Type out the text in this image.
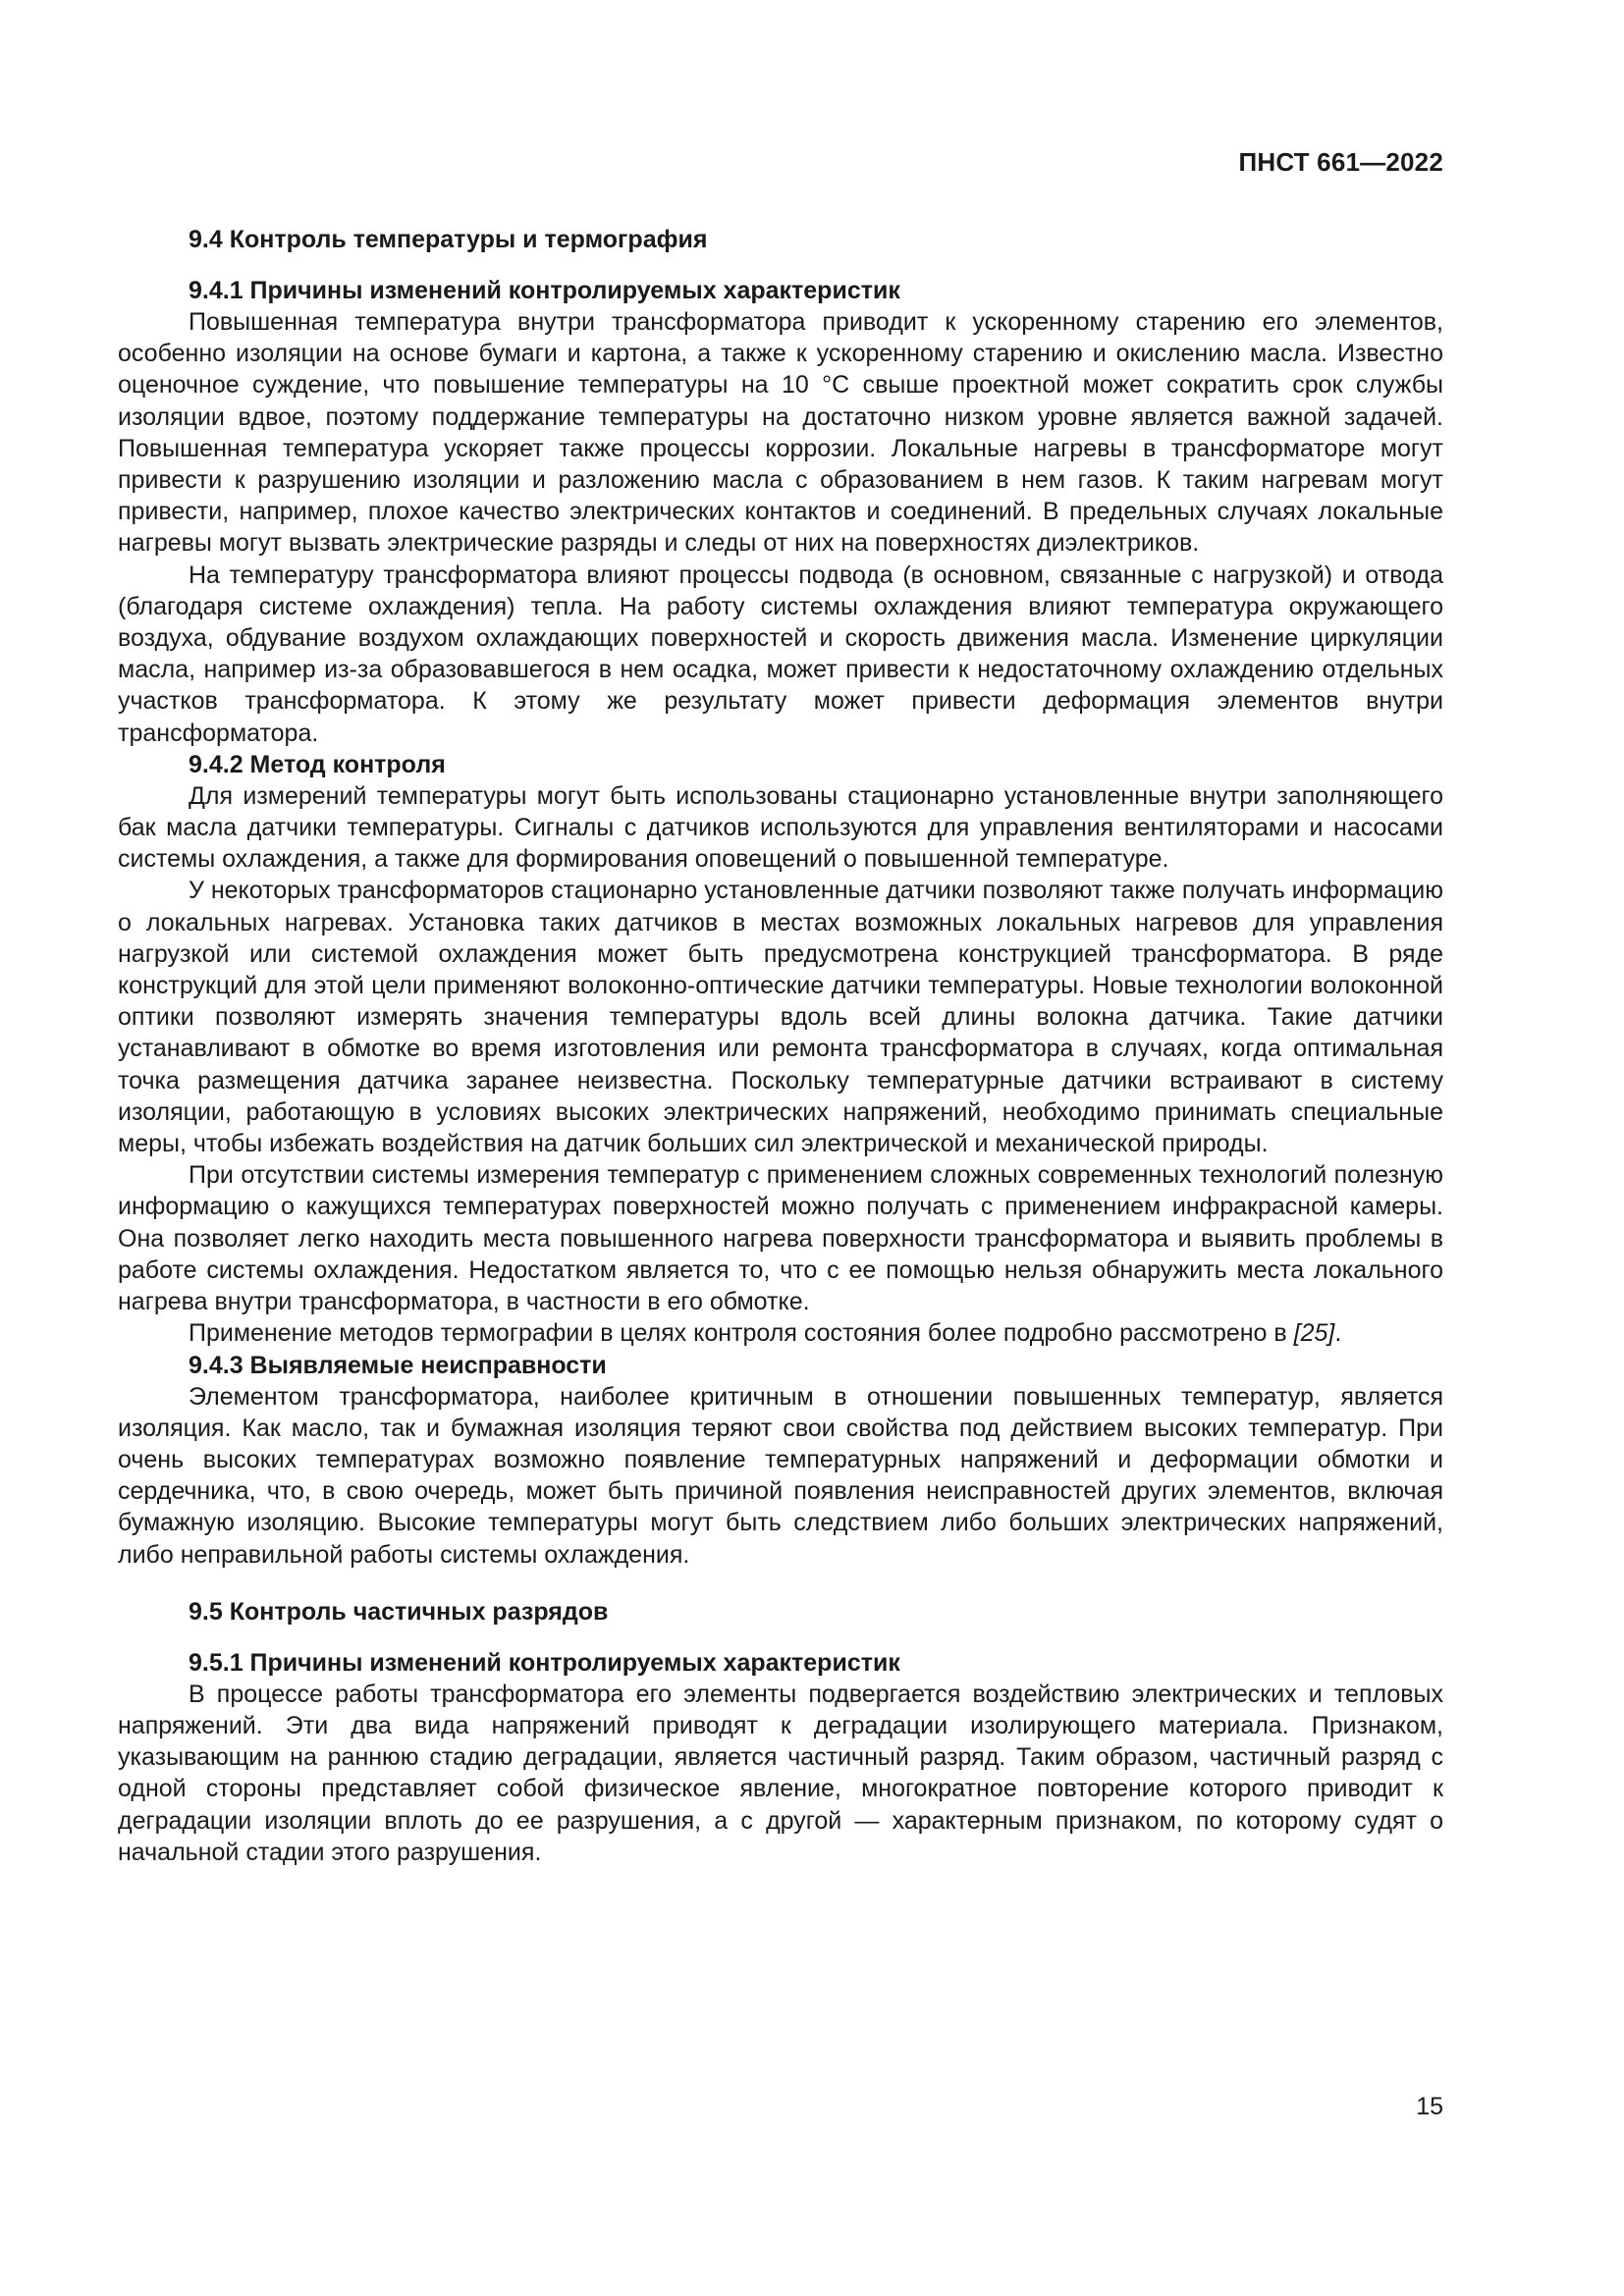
ПНСТ 661—2022
9.4 Контроль температуры и термография
9.4.1 Причины изменений контролируемых характеристик

Повышенная температура внутри трансформатора приводит к ускоренному старению его элементов, особенно изоляции на основе бумаги и картона, а также к ускоренному старению и окислению масла. Известно оценочное суждение, что повышение температуры на 10 °С свыше проектной может сократить срок службы изоляции вдвое, поэтому поддержание температуры на достаточно низком уровне является важной задачей. Повышенная температура ускоряет также процессы коррозии. Локальные нагревы в трансформаторе могут привести к разрушению изоляции и разложению масла с образованием в нем газов. К таким нагревам могут привести, например, плохое качество электрических контактов и соединений. В предельных случаях локальные нагревы могут вызвать электрические разряды и следы от них на поверхностях диэлектриков.

На температуру трансформатора влияют процессы подвода (в основном, связанные с нагрузкой) и отвода (благодаря системе охлаждения) тепла. На работу системы охлаждения влияют температура окружающего воздуха, обдувание воздухом охлаждающих поверхностей и скорость движения масла. Изменение циркуляции масла, например из-за образовавшегося в нем осадка, может привести к недостаточному охлаждению отдельных участков трансформатора. К этому же результату может привести деформация элементов внутри трансформатора.

9.4.2 Метод контроля

Для измерений температуры могут быть использованы стационарно установленные внутри заполняющего бак масла датчики температуры. Сигналы с датчиков используются для управления вентиляторами и насосами системы охлаждения, а также для формирования оповещений о повышенной температуре.

У некоторых трансформаторов стационарно установленные датчики позволяют также получать информацию о локальных нагревах. Установка таких датчиков в местах возможных локальных нагревов для управления нагрузкой или системой охлаждения может быть предусмотрена конструкцией трансформатора. В ряде конструкций для этой цели применяют волоконно-оптические датчики температуры. Новые технологии волоконной оптики позволяют измерять значения температуры вдоль всей длины волокна датчика. Такие датчики устанавливают в обмотке во время изготовления или ремонта трансформатора в случаях, когда оптимальная точка размещения датчика заранее неизвестна. Поскольку температурные датчики встраивают в систему изоляции, работающую в условиях высоких электрических напряжений, необходимо принимать специальные меры, чтобы избежать воздействия на датчик больших сил электрической и механической природы.

При отсутствии системы измерения температур с применением сложных современных технологий полезную информацию о кажущихся температурах поверхностей можно получать с применением инфракрасной камеры. Она позволяет легко находить места повышенного нагрева поверхности трансформатора и выявить проблемы в работе системы охлаждения. Недостатком является то, что с ее помощью нельзя обнаружить места локального нагрева внутри трансформатора, в частности в его обмотке.

Применение методов термографии в целях контроля состояния более подробно рассмотрено в [25].

9.4.3 Выявляемые неисправности

Элементом трансформатора, наиболее критичным в отношении повышенных температур, является изоляция. Как масло, так и бумажная изоляция теряют свои свойства под действием высоких температур. При очень высоких температурах возможно появление температурных напряжений и деформации обмотки и сердечника, что, в свою очередь, может быть причиной появления неисправностей других элементов, включая бумажную изоляцию. Высокие температуры могут быть следствием либо больших электрических напряжений, либо неправильной работы системы охлаждения.

9.5 Контроль частичных разрядов
9.5.1 Причины изменений контролируемых характеристик

В процессе работы трансформатора его элементы подвергается воздействию электрических и тепловых напряжений. Эти два вида напряжений приводят к деградации изолирующего материала. Признаком, указывающим на раннюю стадию деградации, является частичный разряд. Таким образом, частичный разряд с одной стороны представляет собой физическое явление, многократное повторение которого приводит к деградации изоляции вплоть до ее разрушения, а с другой — характерным признаком, по которому судят о начальной стадии этого разрушения.

15
